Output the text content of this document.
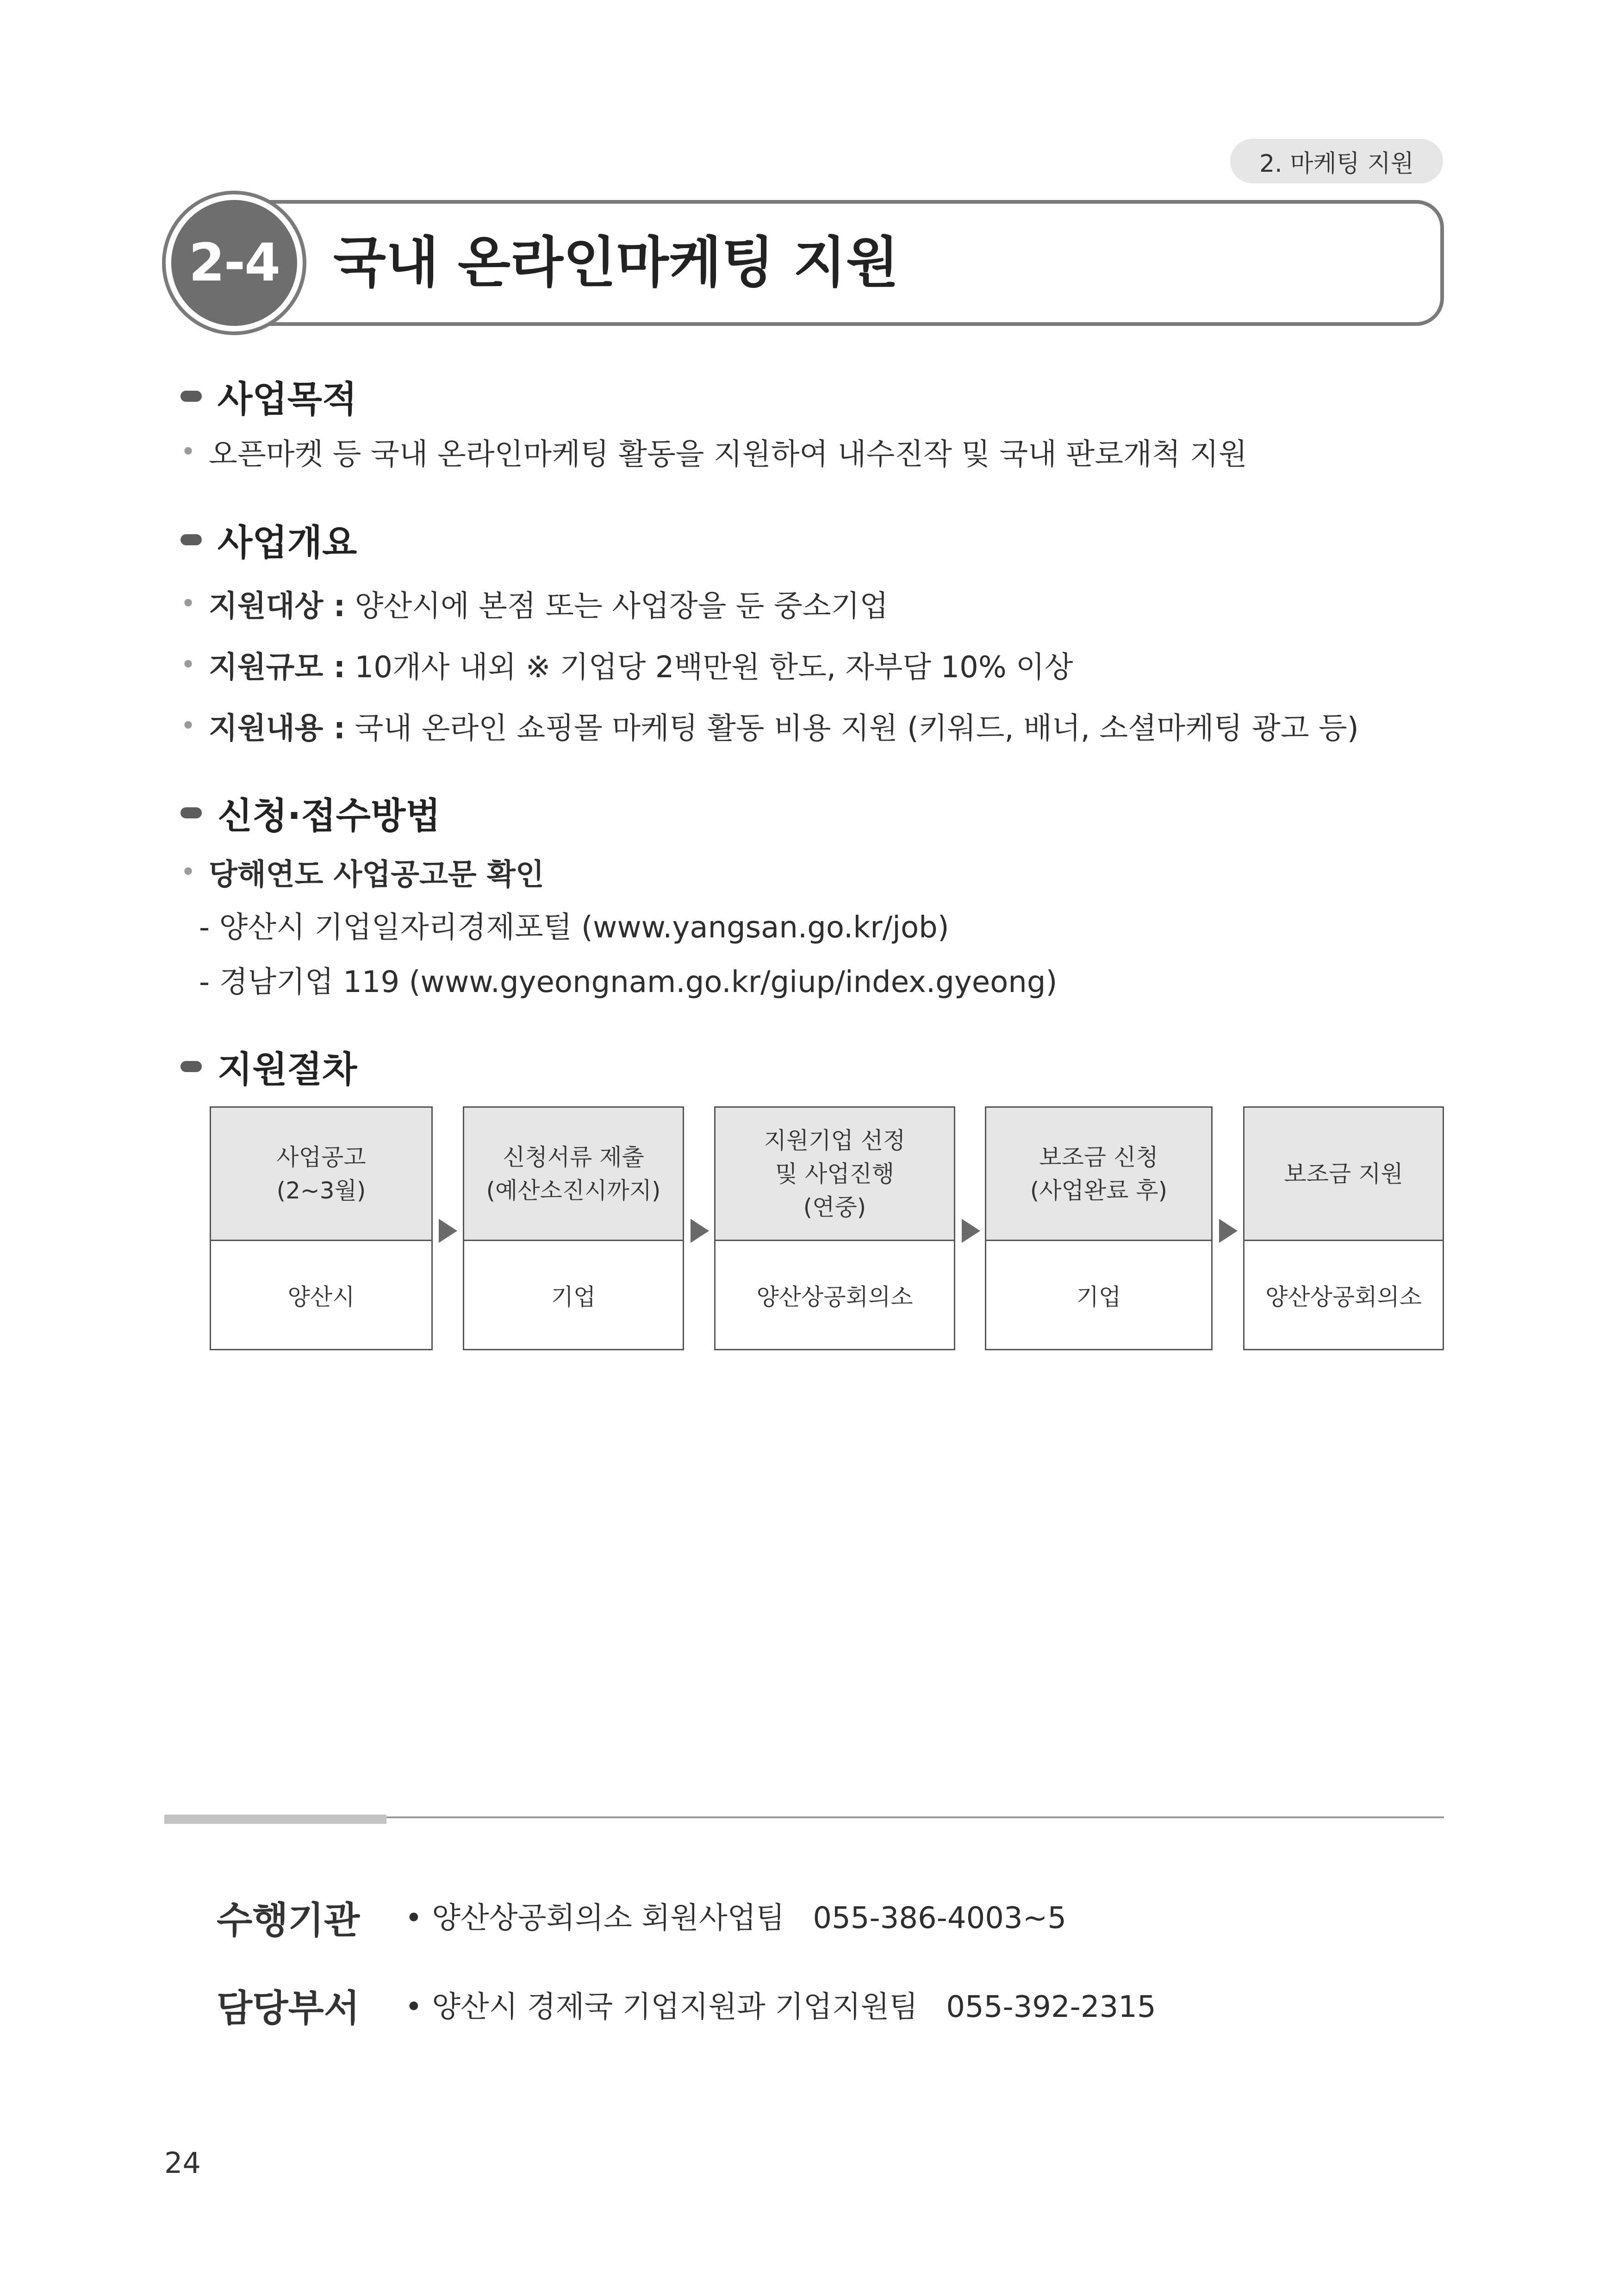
2. 마케팅 지원
2-4 국내 온라인마케팅 지원
사업목적
• 오픈마켓 등 국내 온라인마케팅 활동을 지원하여 내수진작 및 국내 판로개척 지원
사업개요
• 지원대상 : 양산시에 본점 또는 사업장을 둔 중소기업
• 지원규모 : 10개사 내외 ※ 기업당 2백만원 한도, 자부담 10% 이상
• 지원내용 : 국내 온라인 쇼핑몰 마케팅 활동 비용 지원 (키워드, 배너, 소셜마케팅 광고 등)
신청·접수방법
• 당해연도 사업공고문 확인
- 양산시 기업일자리경제포털 (www.yangsan.go.kr/job)
- 경남기업 119 (www.gyeongnam.go.kr/giup/index.gyeong)
지원절차
사업공고
(2~3월)
양산시
신청서류 제출
(예산소진시까지)
기업
지원기업 선정
및 사업진행
(연중)
양산상공회의소
보조금 신청
(사업완료 후)
기업
보조금 지원
양산상공회의소
수행기관 • 양산상공회의소 회원사업팀   055-386-4003~5
담당부서 • 양산시 경제국 기업지원과 기업지원팀   055-392-2315
24
